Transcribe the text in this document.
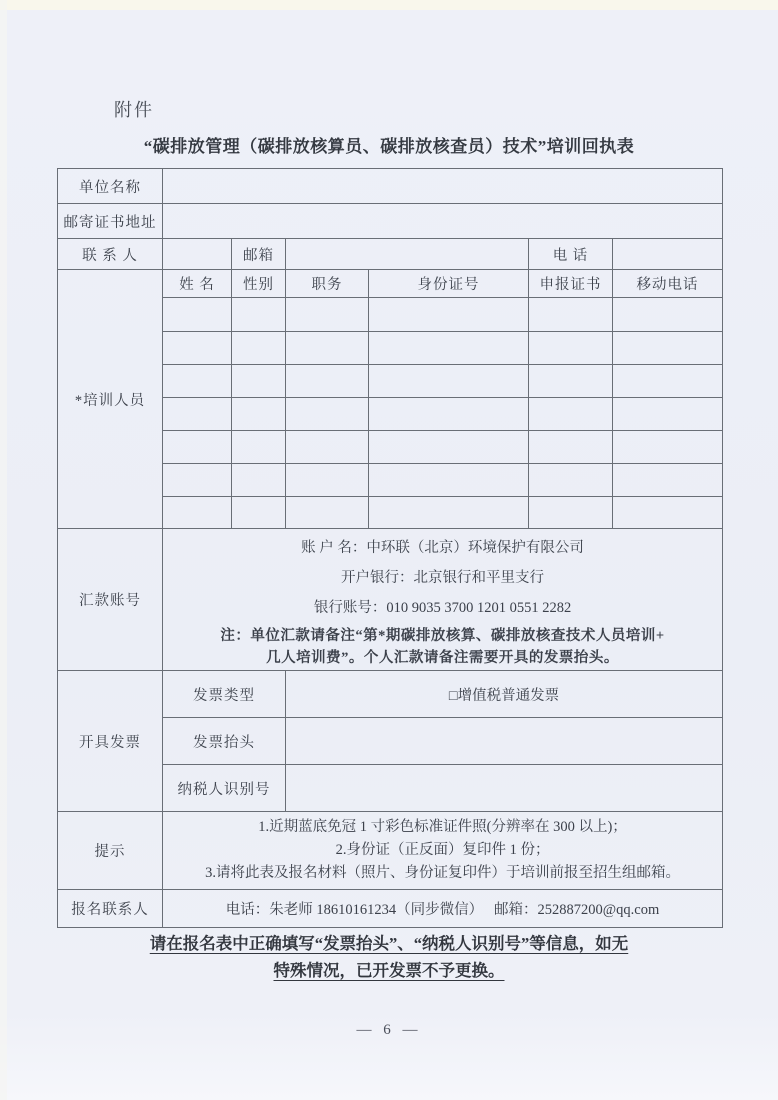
附件
“碳排放管理（碳排放核算员、碳排放核查员）技术”培训回执表
单位名称						
邮寄证书地址						
联 系 人		邮箱			电 话	
*培训人员	姓 名	性别	职务	身份证号	申报证书	移动电话

汇款账号	账 户 名：中环联（北京）环境保护有限公司
开户银行：北京银行和平里支行
银行账号：010 9035 3700 1201 0551 2282
注：单位汇款请备注“第*期碳排放核算、碳排放核查技术人员培训+
几人培训费”。个人汇款请备注需要开具的发票抬头。					

开具发票	发票类型		□增值税普通发票			
	发票抬头					
	纳税人识别号					
提示	1.近期蓝底免冠 1 寸彩色标准证件照(分辨率在 300 以上)；
2.身份证（正反面）复印件 1 份；
3.请将此表及报名材料（照片、身份证复印件）于培训前报至招生组邮箱。					

报名联系人	电话：朱老师 18610161234（同步微信）　 邮箱：252887200@qq.com					
请在报名表中正确填写“发票抬头”、“纳税人识别号”等信息，如无
特殊情况，已开发票不予更换。
— 6 —
